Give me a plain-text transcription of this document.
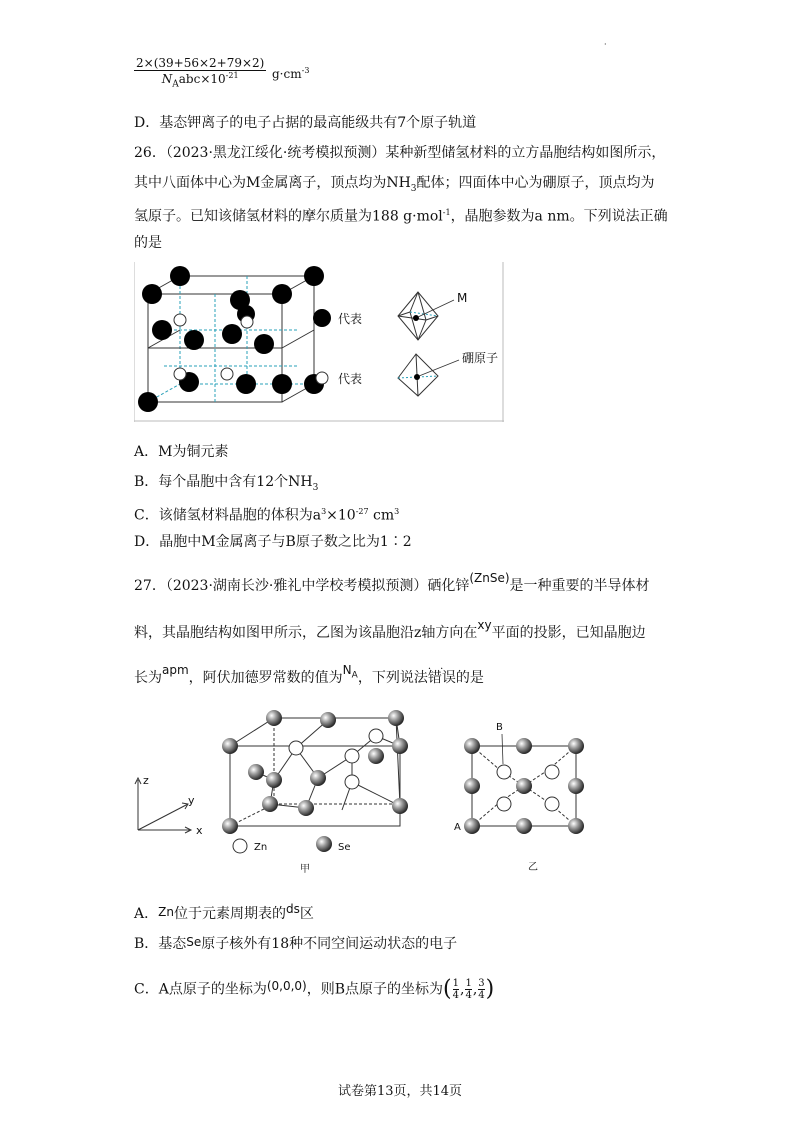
·
2×(39+56×2+79×2)
$N_Aabc\times 10^{-21}$	$g\cdot cm^{-3}$
D．基态钾离子的电子占据的最高能级共有7个原子轨道
26．（2023·黑龙江绥化·统考模拟预测）某种新型储氢材料的立方晶胞结构如图所示，
其中八面体中心为M金属离子，顶点均为$NH_3$配体；四面体中心为硼原子，顶点均为
氢原子。已知该储氢材料的摩尔质量为188 g·mol$^{-1}$，晶胞参数为a nm。下列说法正确
的是
代表
代表
M
硼原子
A．M为铜元素
B．每个晶胞中含有12个$NH_3$
C．该储氢材料晶胞的体积为$a^3\times 10^{-27}$ $cm^3$
D．晶胞中M金属离子与B原子数之比为1∶2
27．（2023·湖南长沙·雅礼中学校考模拟预测）硒化锌(ZnSe)是一种重要的半导体材
料，其晶胞结构如图甲所示，乙图为该晶胞沿z轴方向在xy平面的投影，已知晶胞边
长为apm，阿伏加德罗常数的值为$N_A$，下列说法· · 错误的是
z
y
x
Zn	Se
甲
B
A
乙
A．Zn位于元素周期表的ds区
B．基态Se原子核外有18种不同空间运动状态的电子
C．A点原子的坐标为(0,0,0)，则B点原子的坐标为( $\frac{1}{4}$ , $\frac{1}{4}$ , $\frac{3}{4}$ )
试卷第13页，共14页
